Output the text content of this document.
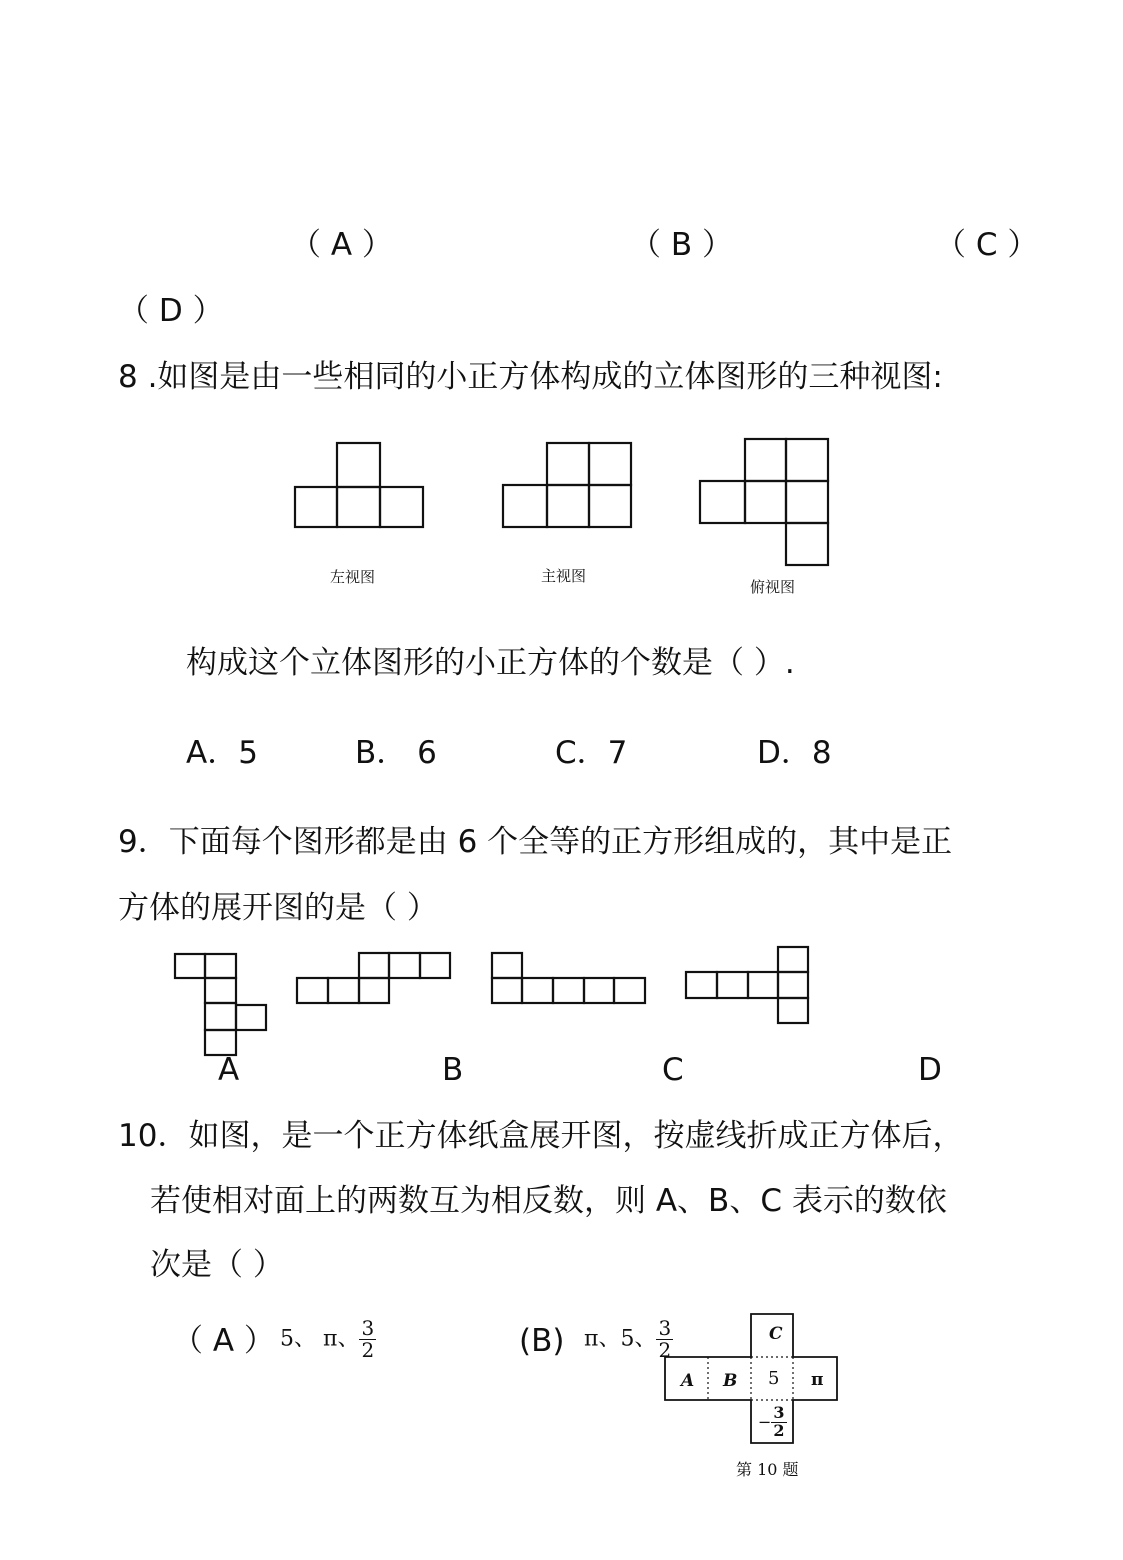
（ A ）	（ B ）	（ C ）
（ D ）
8 .如图是由一些相同的小正方体构成的立体图形的三种视图:
左视图	主视图
俯视图
构成这个立体图形的小正方体的个数是（ ）.
A．5	B． 6	C．7	D．8
9．下面每个图形都是由 6 个全等的正方形组成的，其中是正
方体的展开图的是（ ）
A	B	C	D
10．如图，是一个正方体纸盒展开图，按虚线折成正方体后，
若使相对面上的两数互为相反数，则 A、B、C 表示的数依
次是（ ）
（ A ） 5、 π、 $\frac{3}{2}$	(B) π、5、 $\frac{3}{2}$	C
A B 5 π
− $\frac{3}{2}$
第 10 题
